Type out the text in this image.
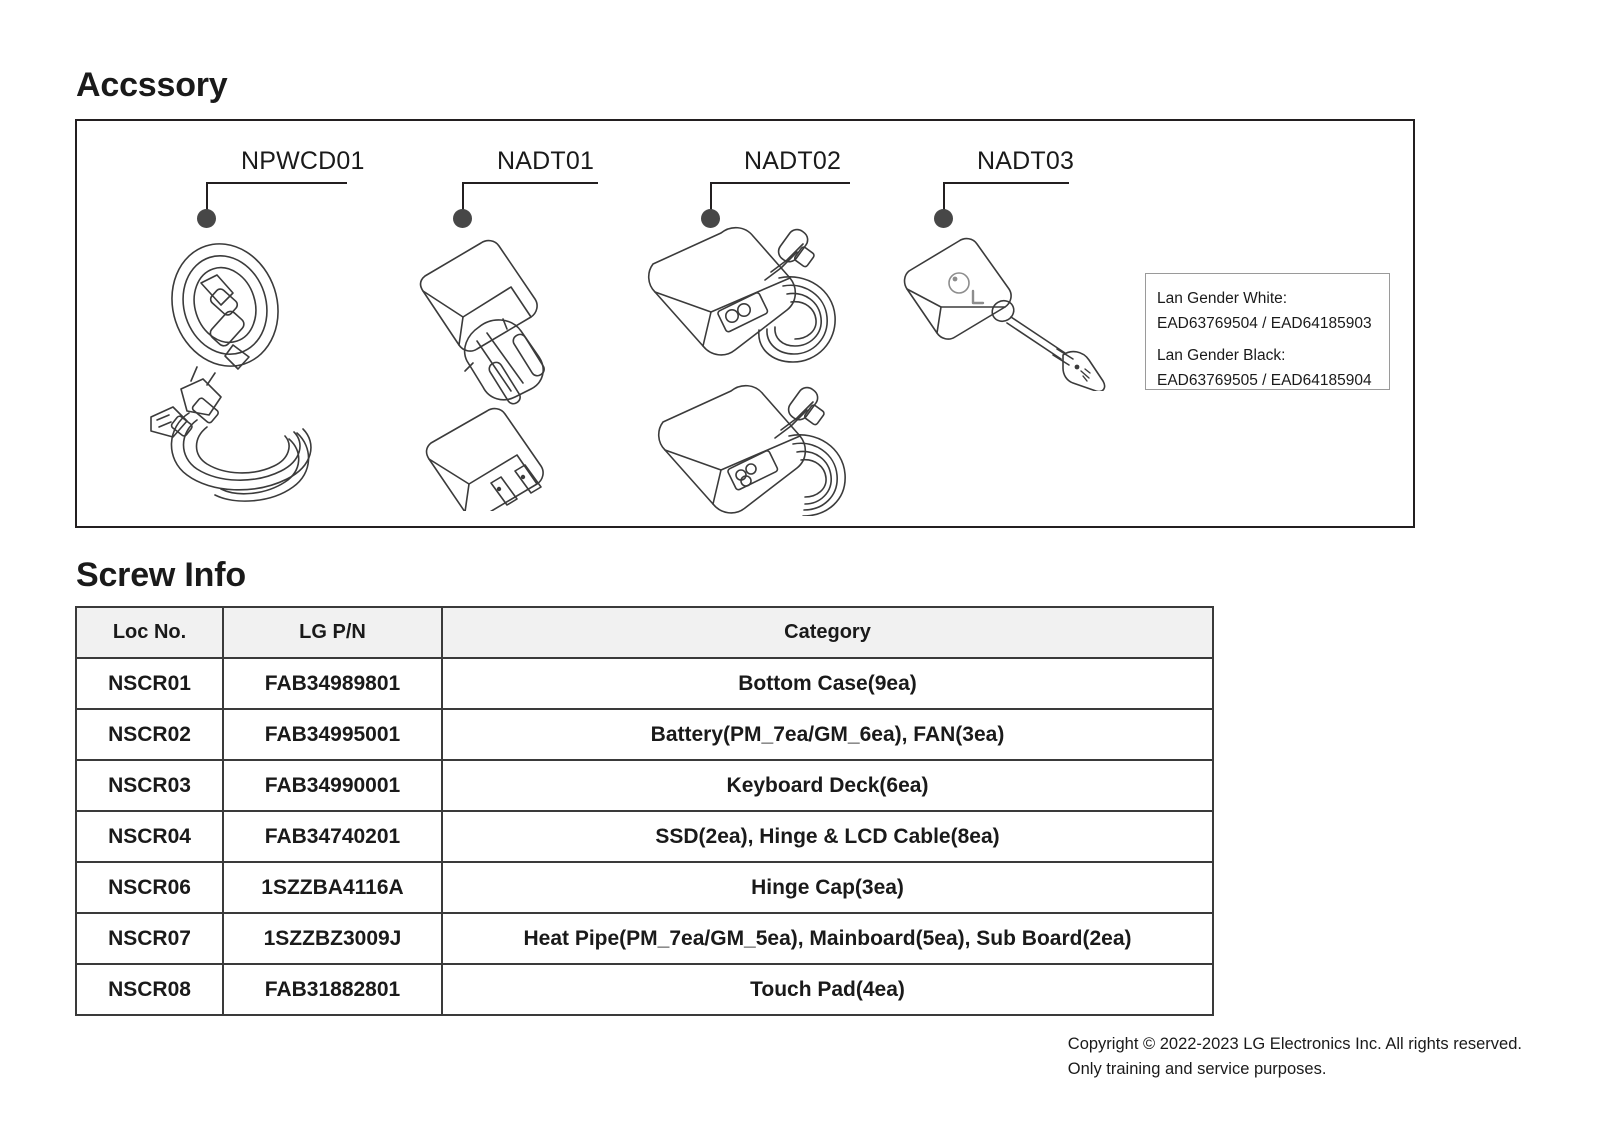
Accssory
NPWCD01	NADT01	NADT02	NADT03
Lan Gender White:
EAD63769504 / EAD64185903
Lan Gender Black:
EAD63769505 / EAD64185904
Screw Info
Loc No.	LG P/N	Category
NSCR01	FAB34989801	Bottom Case(9ea)
NSCR02	FAB34995001	Battery(PM_7ea/GM_6ea), FAN(3ea)
NSCR03	FAB34990001	Keyboard Deck(6ea)
NSCR04	FAB34740201	SSD(2ea), Hinge & LCD Cable(8ea)
NSCR06	1SZZBA4116A	Hinge Cap(3ea)
NSCR07	1SZZBZ3009J	Heat Pipe(PM_7ea/GM_5ea), Mainboard(5ea), Sub Board(2ea)
NSCR08	FAB31882801	Touch Pad(4ea)
Copyright © 2022-2023 LG Electronics Inc. All rights reserved.
Only training and service purposes.
